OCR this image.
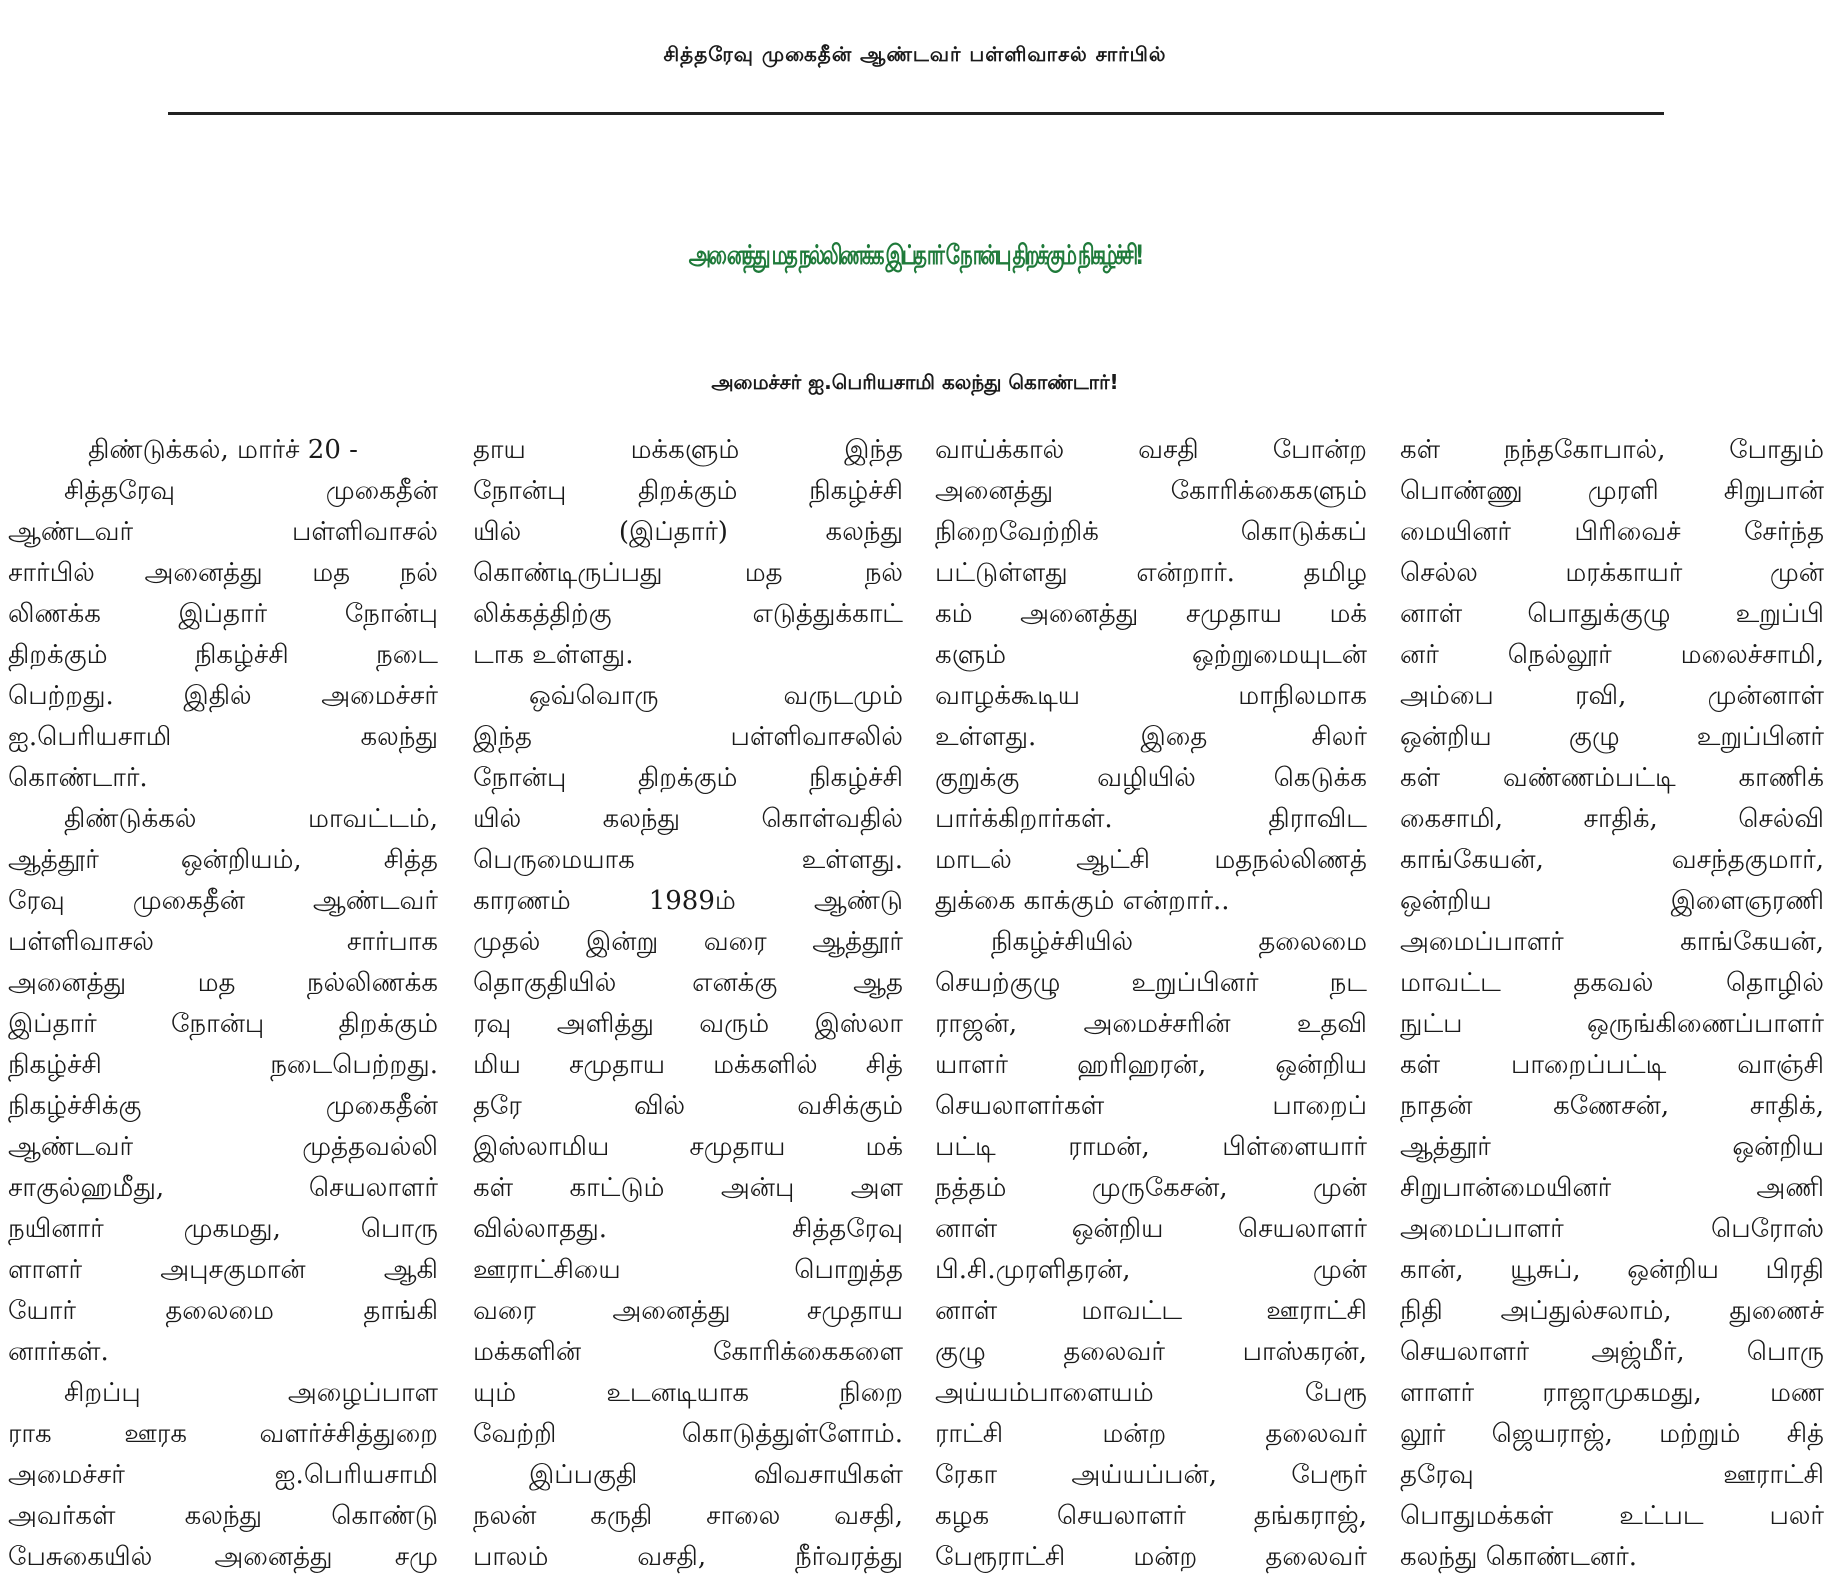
சித்தரேவு முகைதீன் ஆண்டவர் பள்ளிவாசல் சார்பில்
அனைத்து மத நல்லிணக்க இப்தார் நோன்பு திறக்கும் நிகழ்ச்சி!
அமைச்சர் ஐ.பெரியசாமி கலந்து கொண்டார்!
திண்டுக்கல், மார்ச் 20 -
சித்தரேவு முகைதீன்
ஆண்டவர் பள்ளிவாசல்
சார்பில் அனைத்து மத நல்
லிணக்க இப்தார் நோன்பு
திறக்கும் நிகழ்ச்சி நடை
பெற்றது. இதில் அமைச்சர்
ஐ.பெரியசாமி கலந்து
கொண்டார்.
திண்டுக்கல் மாவட்டம்,
ஆத்தூர் ஒன்றியம், சித்த
ரேவு முகைதீன் ஆண்டவர்
பள்ளிவாசல் சார்பாக
அனைத்து மத நல்லிணக்க
இப்தார் நோன்பு திறக்கும்
நிகழ்ச்சி நடைபெற்றது.
நிகழ்ச்சிக்கு முகைதீன்
ஆண்டவர் முத்தவல்லி
சாகுல்ஹமீது, செயலாளர்
நயினார் முகமது, பொரு
ளாளர் அபுசகுமான் ஆகி
யோர் தலைமை தாங்கி
னார்கள்.
சிறப்பு அழைப்பாள
ராக ஊரக வளர்ச்சித்துறை
அமைச்சர் ஐ.பெரியசாமி
அவர்கள் கலந்து கொண்டு
பேசுகையில் அனைத்து சமு
தாய மக்களும் இந்த
நோன்பு திறக்கும் நிகழ்ச்சி
யில் (இப்தார்) கலந்து
கொண்டிருப்பது மத நல்
லிக்கத்திற்கு எடுத்துக்காட்
டாக உள்ளது.
ஒவ்வொரு வருடமும்
இந்த பள்ளிவாசலில்
நோன்பு திறக்கும் நிகழ்ச்சி
யில் கலந்து கொள்வதில்
பெருமையாக உள்ளது.
காரணம் 1989ம் ஆண்டு
முதல் இன்று வரை ஆத்தூர்
தொகுதியில் எனக்கு ஆத
ரவு அளித்து வரும் இஸ்லா
மிய சமுதாய மக்களில் சித்
தரே வில் வசிக்கும்
இஸ்லாமிய சமுதாய மக்
கள் காட்டும் அன்பு அள
வில்லாதது. சித்தரேவு
ஊராட்சியை பொறுத்த
வரை அனைத்து சமுதாய
மக்களின் கோரிக்கைகளை
யும் உடனடியாக நிறை
வேற்றி கொடுத்துள்ளோம்.
இப்பகுதி விவசாயிகள்
நலன் கருதி சாலை வசதி,
பாலம் வசதி, நீர்வரத்து
வாய்க்கால் வசதி போன்ற
அனைத்து கோரிக்கைகளும்
நிறைவேற்றிக் கொடுக்கப்
பட்டுள்ளது என்றார். தமிழ
கம் அனைத்து சமுதாய மக்
களும் ஒற்றுமையுடன்
வாழக்கூடிய மாநிலமாக
உள்ளது. இதை சிலர்
குறுக்கு வழியில் கெடுக்க
பார்க்கிறார்கள். திராவிட
மாடல் ஆட்சி மதநல்லிணத்
துக்கை காக்கும் என்றார்..
நிகழ்ச்சியில் தலைமை
செயற்குழு உறுப்பினர் நட
ராஜன், அமைச்சரின் உதவி
யாளர் ஹரிஹரன், ஒன்றிய
செயலாளர்கள் பாறைப்
பட்டி ராமன், பிள்ளையார்
நத்தம் முருகேசன், முன்
னாள் ஒன்றிய செயலாளர்
பி.சி.முரளிதரன், முன்
னாள் மாவட்ட ஊராட்சி
குழு தலைவர் பாஸ்கரன்,
அய்யம்பாளையம் பேரூ
ராட்சி மன்ற தலைவர்
ரேகா அய்யப்பன், பேரூர்
கழக செயலாளர் தங்கராஜ்,
பேரூராட்சி மன்ற தலைவர்
கள் நந்தகோபால், போதும்
பொண்ணு முரளி சிறுபான்
மையினர் பிரிவைச் சேர்ந்த
செல்ல மரக்காயர் முன்
னாள் பொதுக்குழு உறுப்பி
னர் நெல்லூர் மலைச்சாமி,
அம்பை ரவி, முன்னாள்
ஒன்றிய குழு உறுப்பினர்
கள் வண்ணம்பட்டி காணிக்
கைசாமி, சாதிக், செல்வி
காங்கேயன், வசந்தகுமார்,
ஒன்றிய இளைஞரணி
அமைப்பாளர் காங்கேயன்,
மாவட்ட தகவல் தொழில்
நுட்ப ஒருங்கிணைப்பாளர்
கள் பாறைப்பட்டி வாஞ்சி
நாதன் கணேசன், சாதிக்,
ஆத்தூர் ஒன்றிய
சிறுபான்மையினர் அணி
அமைப்பாளர் பெரோஸ்
கான், யூசுப், ஒன்றிய பிரதி
நிதி அப்துல்சலாம், துணைச்
செயலாளர் அஜ்மீர், பொரு
ளாளர் ராஜாமுகமது, மண
லூர் ஜெயராஜ், மற்றும் சித்
தரேவு ஊராட்சி
பொதுமக்கள் உட்பட பலர்
கலந்து கொண்டனர்.
